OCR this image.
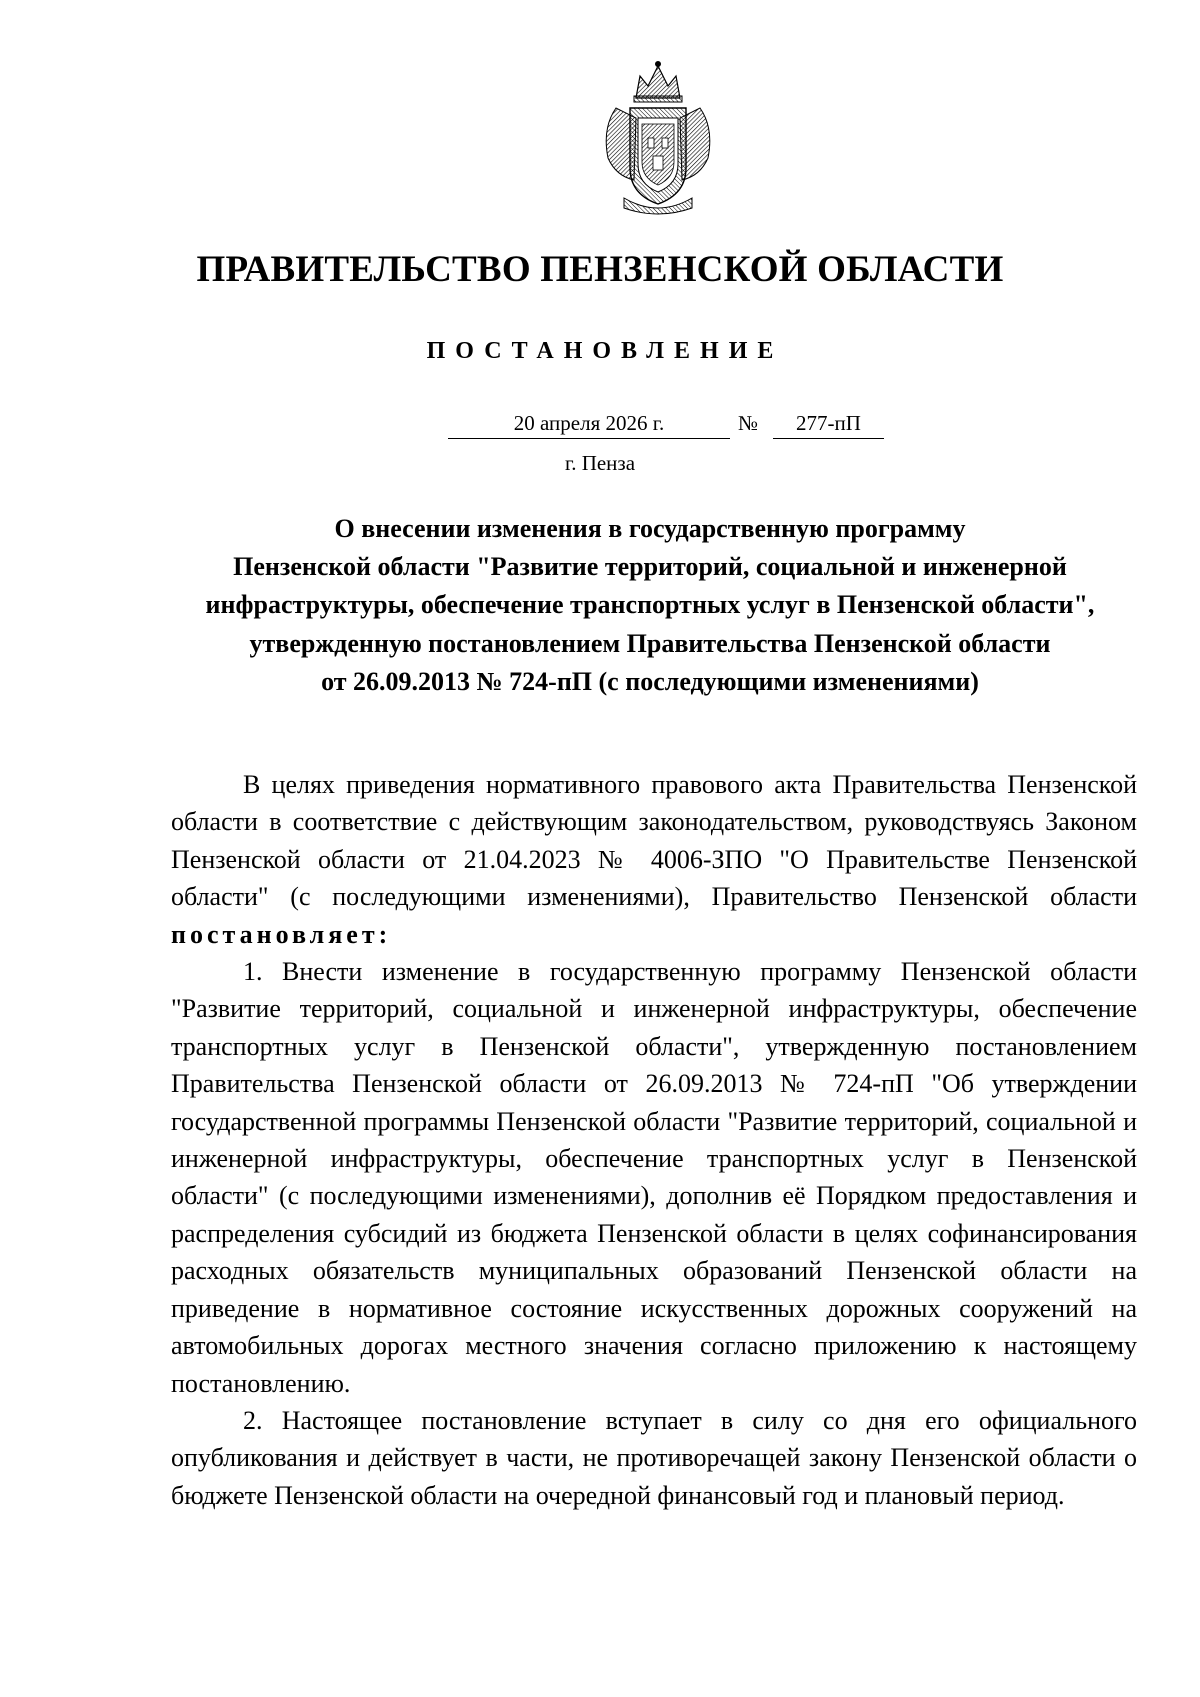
ПРАВИТЕЛЬСТВО ПЕНЗЕНСКОЙ ОБЛАСТИ
ПОСТАНОВЛЕНИЕ
20 апреля 2026 г.	№	277-пП
г. Пенза
О внесении изменения в государственную программу
Пензенской области "Развитие территорий, социальной и инженерной
инфраструктуры, обеспечение транспортных услуг в Пензенской области",
утвержденную постановлением Правительства Пензенской области
от 26.09.2013 № 724-пП (с последующими изменениями)

В целях приведения нормативного правового акта Правительства Пензенской области в соответствие с действующим законодательством, руководствуясь Законом Пензенской области от 21.04.2023 № 4006-ЗПО "О Правительстве Пензенской области" (с последующими изменениями), Правительство Пензенской области постановляет:

1. Внести изменение в государственную программу Пензенской области "Развитие территорий, социальной и инженерной инфраструктуры, обеспечение транспортных услуг в Пензенской области", утвержденную постановлением Правительства Пензенской области от 26.09.2013 № 724-пП "Об утверждении государственной программы Пензенской области "Развитие территорий, социальной и инженерной инфраструктуры, обеспечение транспортных услуг в Пензенской области" (с последующими изменениями), дополнив её Порядком предоставления и распределения субсидий из бюджета Пензенской области в целях софинансирования расходных обязательств муниципальных образований Пензенской области на приведение в нормативное состояние искусственных дорожных сооружений на автомобильных дорогах местного значения согласно приложению к настоящему постановлению.

2. Настоящее постановление вступает в силу со дня его официального опубликования и действует в части, не противоречащей закону Пензенской области о бюджете Пензенской области на очередной финансовый год и плановый период.
